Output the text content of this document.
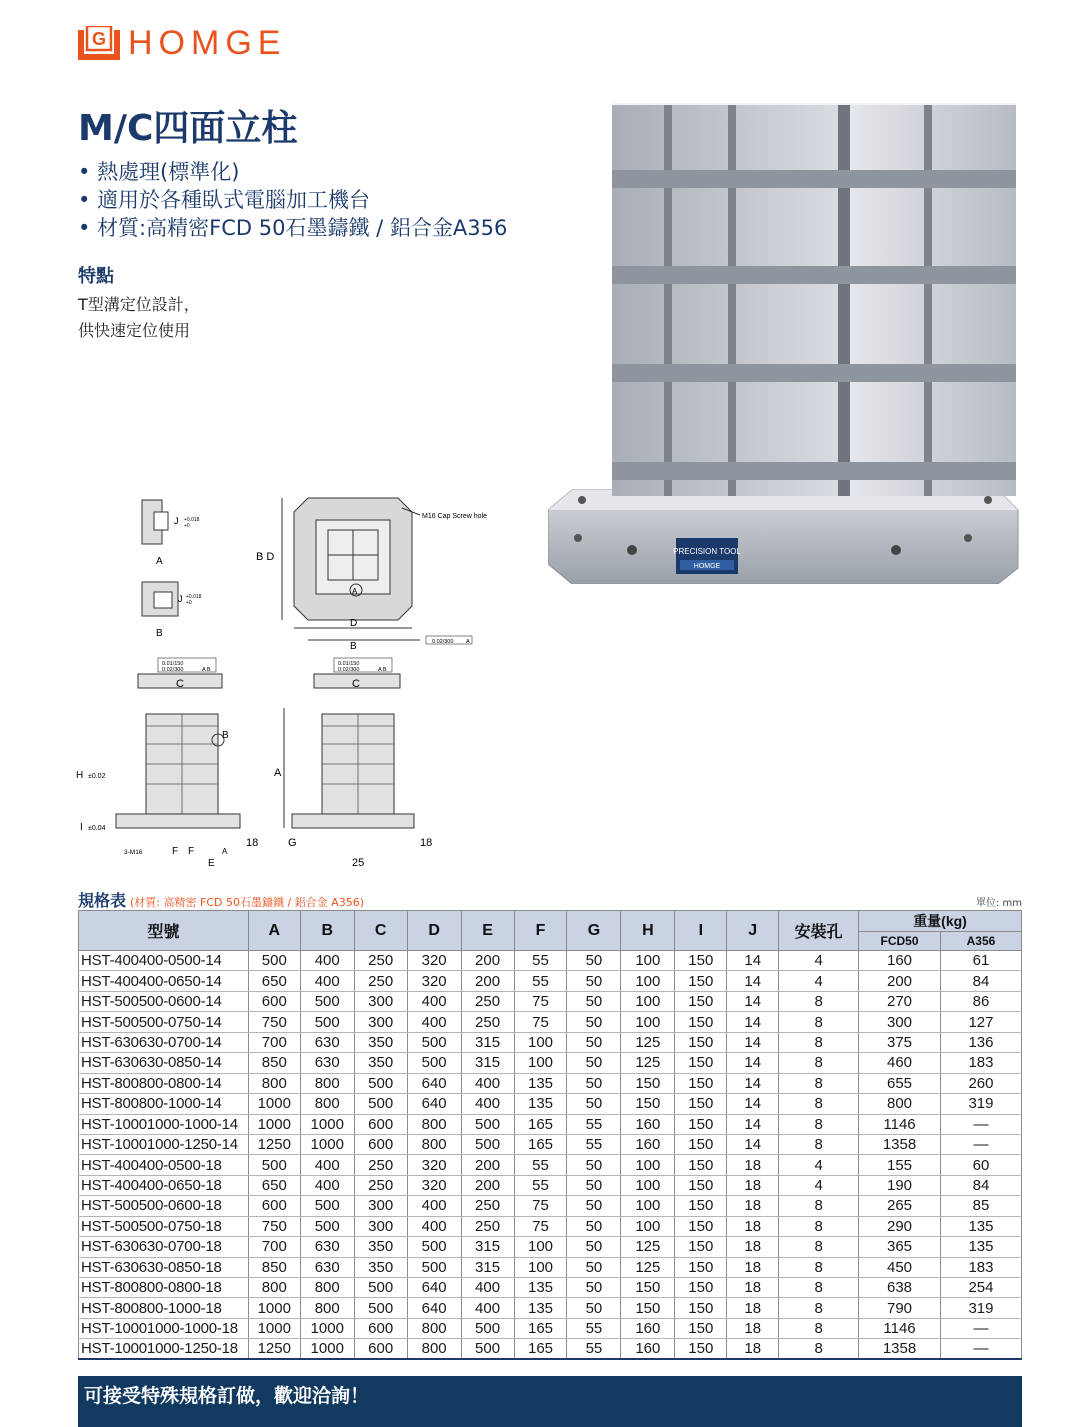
G HOMGE
M/C四面立柱
• 熱處理(標準化)
• 適用於各種臥式電腦加工機台
• 材質:高精密FCD 50石墨鑄鐵 / 鋁合金A356
特點
T型溝定位設計，
供快速定位使用
PRECISION TOOL
HOMGE
J +0.018
+0
A
J +0.018
+0
B
A
B D
D
B
M16 Cap Screw hole
0.02/300 A
0.01/150
0.02/300	A B
C
B
H ±0.02
I ±0.04
3-M16	F F	A
E
18
0.01/150
0.02/300	A B
C
A
G	18
25
規格表 (材質: 高精密 FCD 50石墨鑄鐵 / 鋁合金 A356)	單位: mm
型號	A	B	C	D	E	F	G	H	I	J	安裝孔	重量(kg)	
												FCD50	A356
HST-400400-0500-14	500	400	250	320	200	55	50	100	150	14	4	160	61
HST-400400-0650-14	650	400	250	320	200	55	50	100	150	14	4	200	84
HST-500500-0600-14	600	500	300	400	250	75	50	100	150	14	8	270	86
HST-500500-0750-14	750	500	300	400	250	75	50	100	150	14	8	300	127
HST-630630-0700-14	700	630	350	500	315	100	50	125	150	14	8	375	136
HST-630630-0850-14	850	630	350	500	315	100	50	125	150	14	8	460	183
HST-800800-0800-14	800	800	500	640	400	135	50	150	150	14	8	655	260
HST-800800-1000-14	1000	800	500	640	400	135	50	150	150	14	8	800	319
HST-10001000-1000-14	1000	1000	600	800	500	165	55	160	150	14	8	1146	—
HST-10001000-1250-14	1250	1000	600	800	500	165	55	160	150	14	8	1358	—
HST-400400-0500-18	500	400	250	320	200	55	50	100	150	18	4	155	60
HST-400400-0650-18	650	400	250	320	200	55	50	100	150	18	4	190	84
HST-500500-0600-18	600	500	300	400	250	75	50	100	150	18	8	265	85
HST-500500-0750-18	750	500	300	400	250	75	50	100	150	18	8	290	135
HST-630630-0700-18	700	630	350	500	315	100	50	125	150	18	8	365	135
HST-630630-0850-18	850	630	350	500	315	100	50	125	150	18	8	450	183
HST-800800-0800-18	800	800	500	640	400	135	50	150	150	18	8	638	254
HST-800800-1000-18	1000	800	500	640	400	135	50	150	150	18	8	790	319
HST-10001000-1000-18	1000	1000	600	800	500	165	55	160	150	18	8	1146	—
HST-10001000-1250-18	1250	1000	600	800	500	165	55	160	150	18	8	1358	—
可接受特殊規格訂做，歡迎洽詢！
